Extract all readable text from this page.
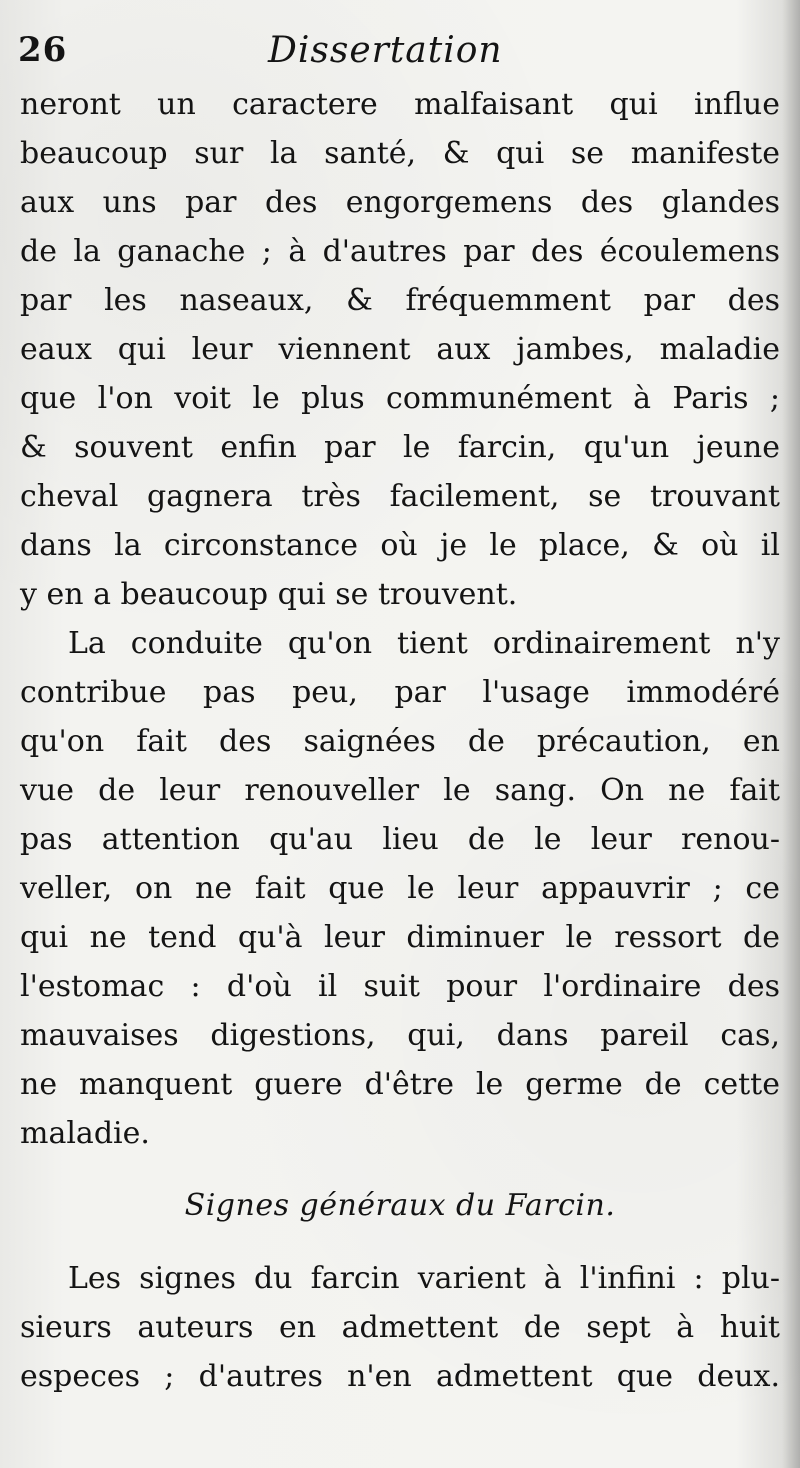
26	Dissertation
neront un caractere malfaisant qui influe
beaucoup sur la santé, & qui se manifeste
aux uns par des engorgemens des glandes
de la ganache ; à d'autres par des écoulemens
par les naseaux, & fréquemment par des
eaux qui leur viennent aux jambes, maladie
que l'on voit le plus communément à Paris ;
& souvent enfin par le farcin, qu'un jeune
cheval gagnera très facilement, se trouvant
dans la circonstance où je le place, & où il
y en a beaucoup qui se trouvent.
La conduite qu'on tient ordinairement n'y
contribue pas peu, par l'usage immodéré
qu'on fait des saignées de précaution, en
vue de leur renouveller le sang. On ne fait
pas attention qu'au lieu de le leur renou-
veller, on ne fait que le leur appauvrir ; ce
qui ne tend qu'à leur diminuer le ressort de
l'estomac : d'où il suit pour l'ordinaire des
mauvaises digestions, qui, dans pareil cas,
ne manquent guere d'être le germe de cette
maladie.
Signes généraux du Farcin.
Les signes du farcin varient à l'infini : plu-
sieurs auteurs en admettent de sept à huit
especes ; d'autres n'en admettent que deux.
